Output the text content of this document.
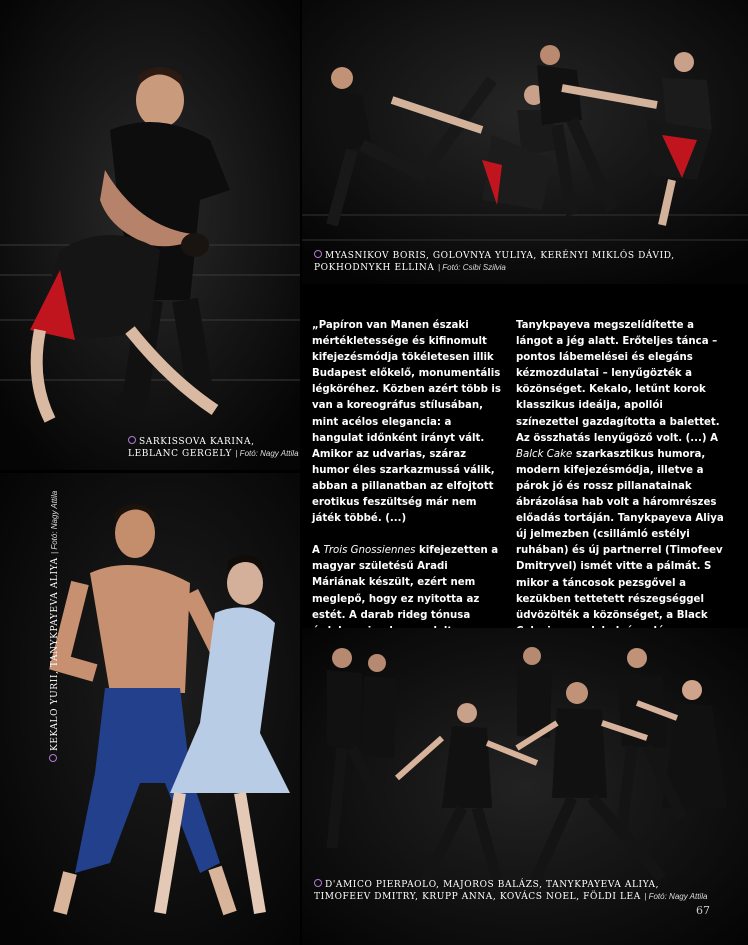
SARKISSOVA KARINA,
LEBLANC GERGELY | Fotó: Nagy Attila
MYASNIKOV BORIS, GOLOVNYA YULIYA, KERÉNYI MIKLÓS DÁVID,
POKHODNYKH ELLINA | Fotó: Csibi Szilvia

„Papíron van Manen északi mértékletessége és kifinomult kifejezésmódja tökéletesen illik Budapest előkelő, monumentális légköréhez. Közben azért több is van a koreográfus stílusában, mint acélos elegancia: a hangulat időnként irányt vált. Amikor az udvarias, száraz humor éles szarkazmussá válik, abban a pillanatban az elfojtott erotikus feszültség már nem játék többé. (...)

A Trois Gnossiennes kifejezetten a magyar születésű Aradi Máriának készült, ezért nem meglepő, hogy ez nyitotta az estét. A darab rideg tónusa

Tanykpayeva megszelídítette a lángot a jég alatt. Erőteljes tánca – pontos lábemelései és elegáns kézmozdulatai – lenyűgözték a közönséget. Kekalo, letűnt korok klasszikus ideálja, apollói színezettel gazdagította a balettet. Az összhatás lenyűgöző volt. (...) A Balck Cake szarkasztikus humora, modern kifejezésmódja, illetve a párok jó és rossz pillanatainak ábrázolása hab volt a háromrészes előadás tortáján. Tanykpayeva Aliya új jelmezben (csillámló estélyi ruhában) és új partnerrel (Timofeev Dmitryvel) ismét vitte a pálmát. S mikor a táncosok pezsgővel a kezükben tettetett részegséggel üdvözölték a közönséget, a Black

KEKALO YURII, TANYKPAYEVA ALIYA | Fotó: Nagy Attila
D'AMICO PIERPAOLO, MAJOROS BALÁZS, TANYKPAYEVA ALIYA,
TIMOFEEV DMITRY, KRUPP ANNA, KOVÁCS NOEL, FÖLDI LEA | Fotó: Nagy Attila
67
